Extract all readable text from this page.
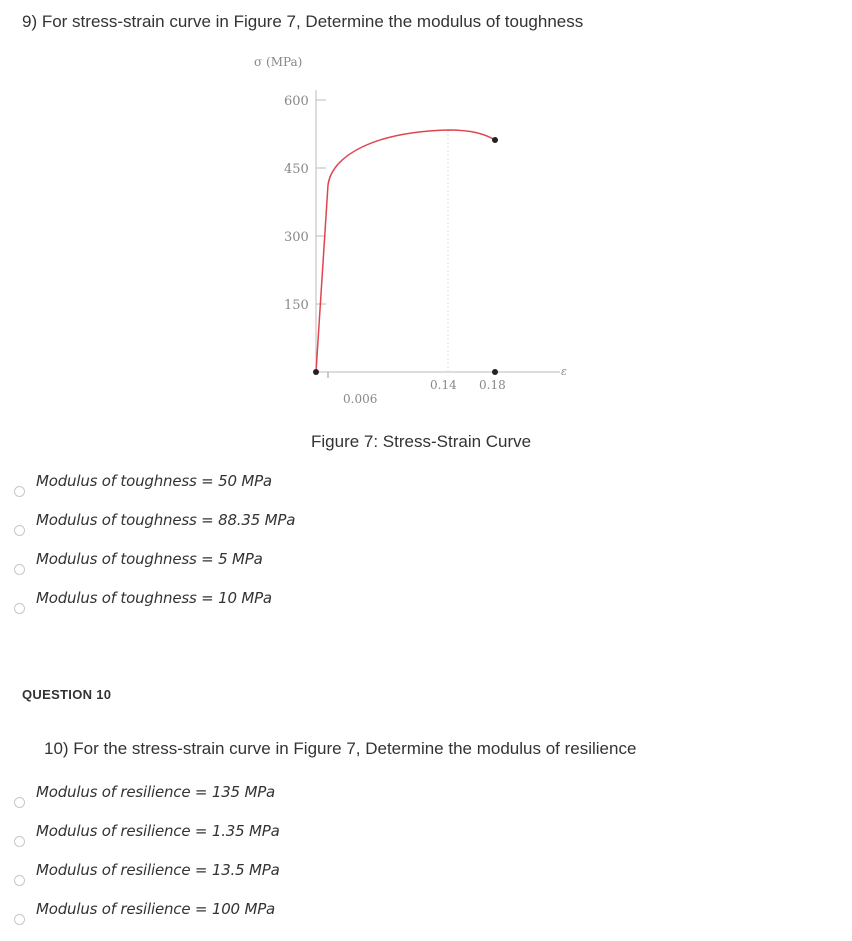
9) For stress-strain curve in Figure 7, Determine the modulus of toughness
σ (MPa)
ε
600
450
300
150
0.14 0.18
0.006
Figure 7: Stress-Strain Curve
Modulus of toughness = 50 MPa
Modulus of toughness = 88.35 MPa
Modulus of toughness = 5 MPa
Modulus of toughness = 10 MPa
QUESTION 10
10) For the stress-strain curve in Figure 7, Determine the modulus of resilience
Modulus of resilience = 135 MPa
Modulus of resilience = 1.35 MPa
Modulus of resilience = 13.5 MPa
Modulus of resilience = 100 MPa
